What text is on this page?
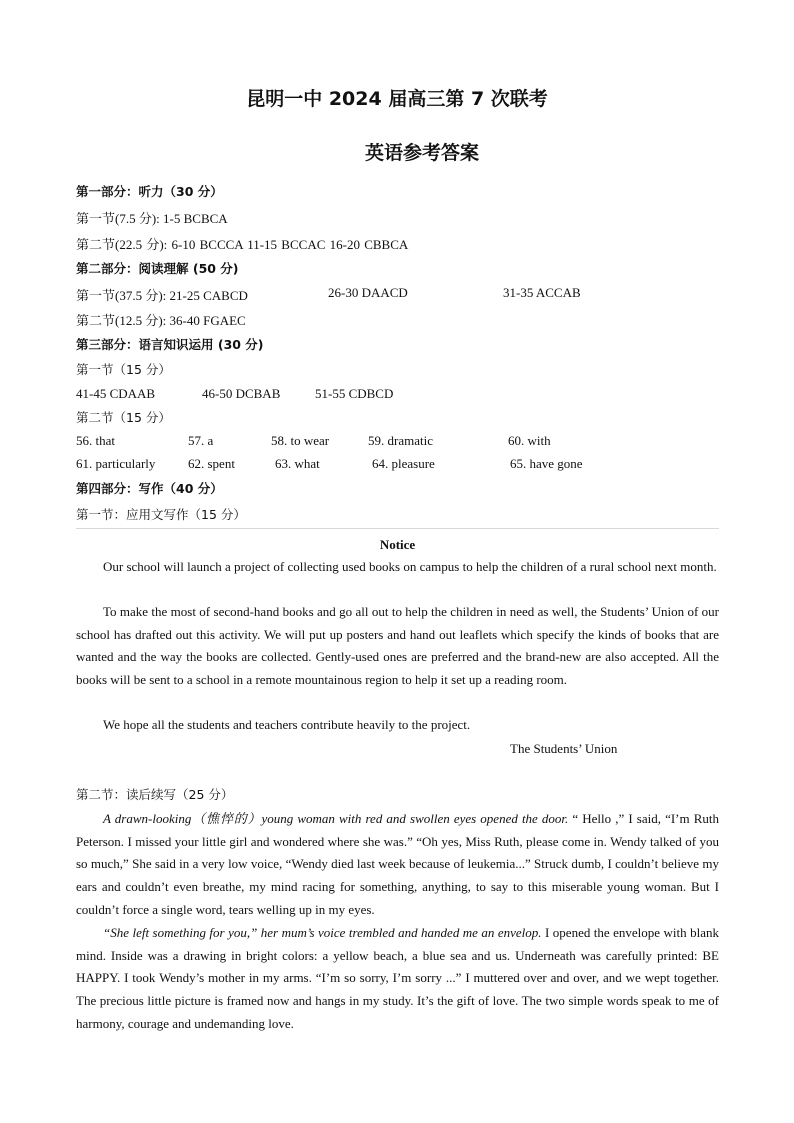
昆明一中 2024 届高三第 7 次联考
英语参考答案
第一部分：听力（30 分）
第一节(7.5 分): 1-5 BCBCA
第二节(22.5 分): 6-10 BCCCA 11-15 BCCAC 16-20 CBBCA
第二部分：阅读理解 (50 分)
第一节(37.5 分): 21-25 CABCD	26-30 DAACD	31-35 ACCAB
第二节(12.5 分): 36-40 FGAEC
第三部分：语言知识运用 (30 分)
第一节（15 分）
41-45 CDAAB	46-50 DCBAB	51-55 CDBCD
第二节（15 分）
56. that	57. a	58. to wear	59. dramatic	60. with
61. particularly	62. spent	63. what	64. pleasure	65. have gone
第四部分：写作（40 分）
第一节：应用文写作（15 分）
Notice
Our school will launch a project of collecting used books on campus to help the children of a rural school next month.
To make the most of second-hand books and go all out to help the children in need as well, the Students’ Union of our school has drafted out this activity. We will put up posters and hand out leaflets which specify the kinds of books that are wanted and the way the books are collected. Gently-used ones are preferred and the brand-new are also accepted. All the books will be sent to a school in a remote mountainous region to help it set up a reading room.
We hope all the students and teachers contribute heavily to the project.
The Students’ Union
第二节：读后续写（25 分）
A drawn-looking（憔悴的）young woman with red and swollen eyes opened the door. “ Hello ,” I said, “I’m Ruth Peterson. I missed your little girl and wondered where she was.” “Oh yes, Miss Ruth, please come in. Wendy talked of you so much,” She said in a very low voice, “Wendy died last week because of leukemia...” Struck dumb, I couldn’t believe my ears and couldn’t even breathe, my mind racing for something, anything, to say to this miserable young woman. But I couldn’t force a single word, tears welling up in my eyes.
“She left something for you,” her mum’s voice trembled and handed me an envelop. I opened the envelope with blank mind. Inside was a drawing in bright colors: a yellow beach, a blue sea and us. Underneath was carefully printed: BE HAPPY. I took Wendy’s mother in my arms. “I’m so sorry, I’m sorry ...” I muttered over and over, and we wept together. The precious little picture is framed now and hangs in my study. It’s the gift of love. The two simple words speak to me of harmony, courage and undemanding love.
